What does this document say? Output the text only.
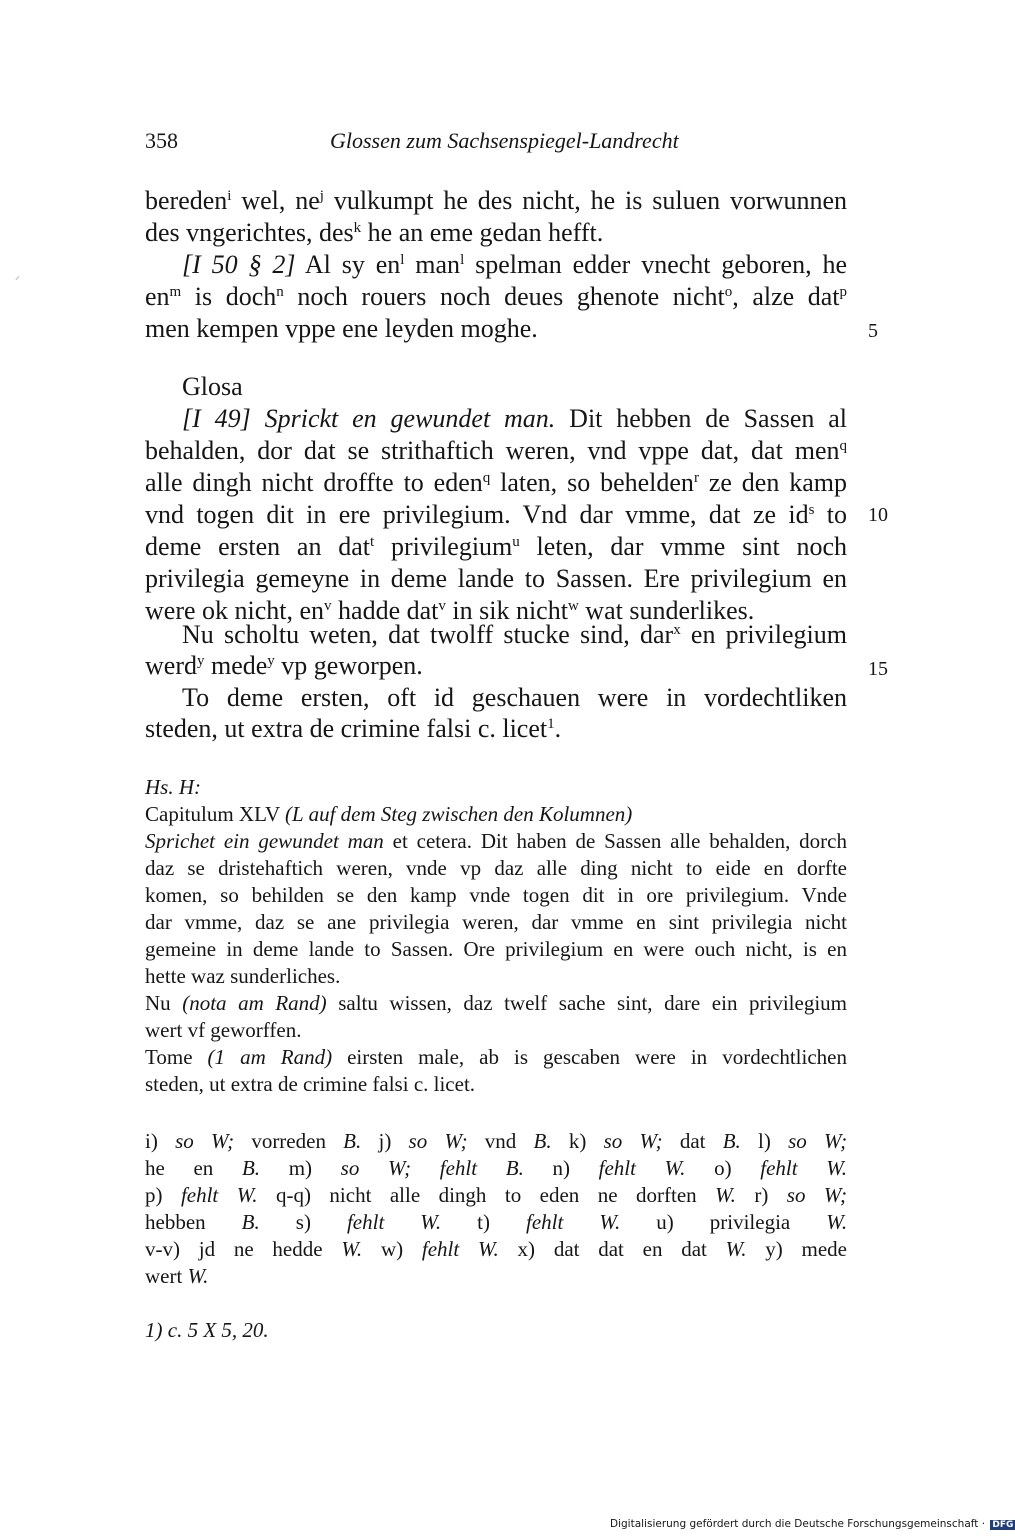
358	Glossen zum Sachsenspiegel-Landrecht
⸝
bereden$^i$ wel, $ne^j$ vulkumpt he des nicht, he is suluen vorwunnen
des vngerichtes, des$^k$ he an eme gedan hefft.
[I 50 § 2] Al sy $en^l$ man$^l$ spelman edder vnecht geboren, he
$en^m$ is doch$^n$ noch rouers noch deues ghenote nicht$^o$, alze dat$^p$
men kempen vppe ene leyden moghe.
Glosa
[I 49] Sprickt en gewundet man. Dit hebben de Sassen al
behalden, dor dat se strithaftich weren, vnd vppe dat, dat men$^q$
alle dingh nicht droffte to eden$^q$ laten, so behelden$^r$ ze den kamp
vnd togen dit in ere privilegium. Vnd dar vmme, dat ze $id^s$ to
deme ersten an dat$^t$ privilegium$^u$ leten, dar vmme sint noch
privilegia gemeyne in deme lande to Sassen. Ere privilegium en
were ok nicht, $en^v$ hadde dat$^v$ in sik nicht$^w$ wat sunderlikes.
Nu scholtu weten, dat twolff stucke sind, dar$^x$ en privilegium
werd$^y$ mede$^y$ vp geworpen.
To deme ersten, oft id geschauen were in vordechtliken
steden, ut extra de crimine falsi c. licet$^1$.
5
10
15
Hs. H:
Capitulum XLV (L auf dem Steg zwischen den Kolumnen)
Sprichet ein gewundet man et cetera. Dit haben de Sassen alle behalden, dorch
daz se dristehaftich weren, vnde vp daz alle ding nicht to eide en dorfte
komen, so behilden se den kamp vnde togen dit in ore privilegium. Vnde
dar vmme, daz se ane privilegia weren, dar vmme en sint privilegia nicht
gemeine in deme lande to Sassen. Ore privilegium en were ouch nicht, is en
hette waz sunderliches.
Nu (nota am Rand) saltu wissen, daz twelf sache sint, dare ein privilegium
wert vf geworffen.
Tome (1 am Rand) eirsten male, ab is gescaben were in vordechtlichen
steden, ut extra de crimine falsi c. licet.
i) so W; vorreden B. j) so W; vnd B. k) so W; dat B. l) so W;
he en B. m) so W; fehlt B. n) fehlt W. o) fehlt W.
p) fehlt W. q-q) nicht alle dingh to eden ne dorften W. r) so W;
hebben B. s) fehlt W. t) fehlt W. u) privilegia W.
v-v) jd ne hedde W. w) fehlt W. x) dat dat en dat W. y) mede
wert W.
1) c. 5 X 5, 20.
Digitalisierung gefördert durch die Deutsche Forschungsgemeinschaft · DFG
